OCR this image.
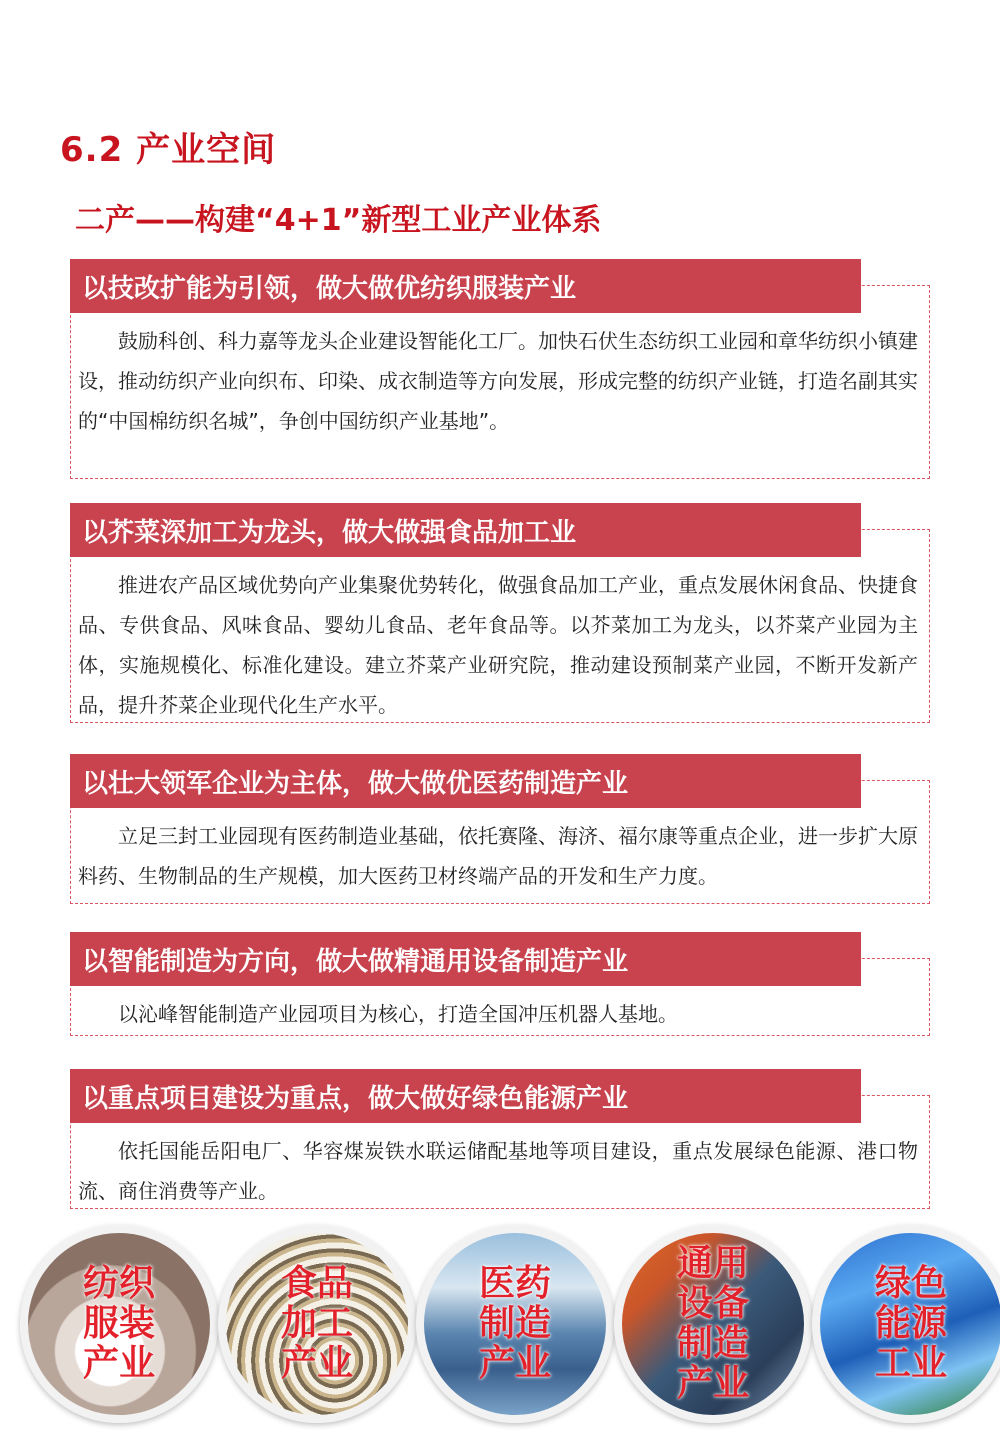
6.2 产业空间
二产——构建“4+1”新型工业产业体系
以技改扩能为引领，做大做优纺织服装产业

鼓励科创、科力嘉等龙头企业建设智能化工厂。加快石伏生态纺织工业园和章华纺织小镇建设，推动纺织产业向织布、印染、成衣制造等方向发展，形成完整的纺织产业链，打造名副其实的“中国棉纺织名城”，争创中国纺织产业基地”。

以芥菜深加工为龙头，做大做强食品加工业

推进农产品区域优势向产业集聚优势转化，做强食品加工产业，重点发展休闲食品、快捷食品、专供食品、风味食品、婴幼儿食品、老年食品等。以芥菜加工为龙头，以芥菜产业园为主体，实施规模化、标准化建设。建立芥菜产业研究院，推动建设预制菜产业园，不断开发新产品，提升芥菜企业现代化生产水平。

以壮大领军企业为主体，做大做优医药制造产业

立足三封工业园现有医药制造业基础，依托赛隆、海济、福尔康等重点企业，进一步扩大原料药、生物制品的生产规模，加大医药卫材终端产品的开发和生产力度。

以智能制造为方向，做大做精通用设备制造产业

以沁峰智能制造产业园项目为核心，打造全国冲压机器人基地。

以重点项目建设为重点，做大做好绿色能源产业

依托国能岳阳电厂、华容煤炭铁水联运储配基地等项目建设，重点发展绿色能源、港口物流、商住消费等产业。

纺织服装产业
食品加工产业
医药制造产业
通用设备制造产业
绿色能源工业
